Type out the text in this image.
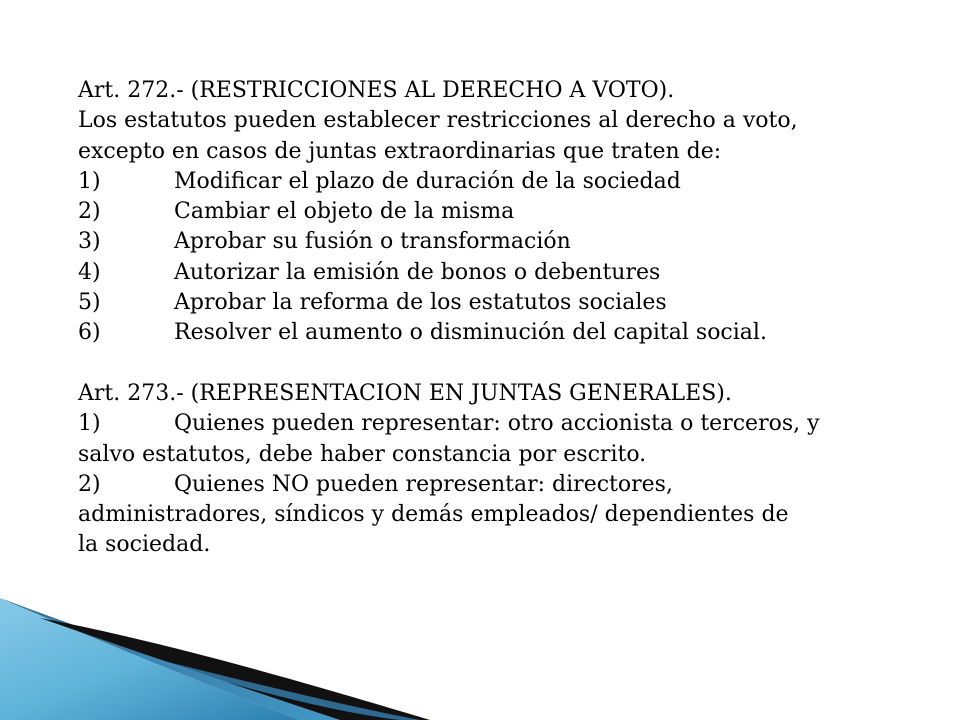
Art. 272.- (RESTRICCIONES AL DERECHO A VOTO).
Los estatutos pueden establecer restricciones al derecho a voto,
excepto en casos de juntas extraordinarias que traten de:
1)	Modificar el plazo de duración de la sociedad
2)	Cambiar el objeto de la misma
3)	Aprobar su fusión o transformación
4)	Autorizar la emisión de bonos o debentures
5)	Aprobar la reforma de los estatutos sociales
6)	Resolver el aumento o disminución del capital social.
Art. 273.- (REPRESENTACION EN JUNTAS GENERALES).
1)	Quienes pueden representar: otro accionista o terceros, y
salvo estatutos, debe haber constancia por escrito.
2)	Quienes NO pueden representar: directores,
administradores, síndicos y demás empleados/ dependientes de
la sociedad.
